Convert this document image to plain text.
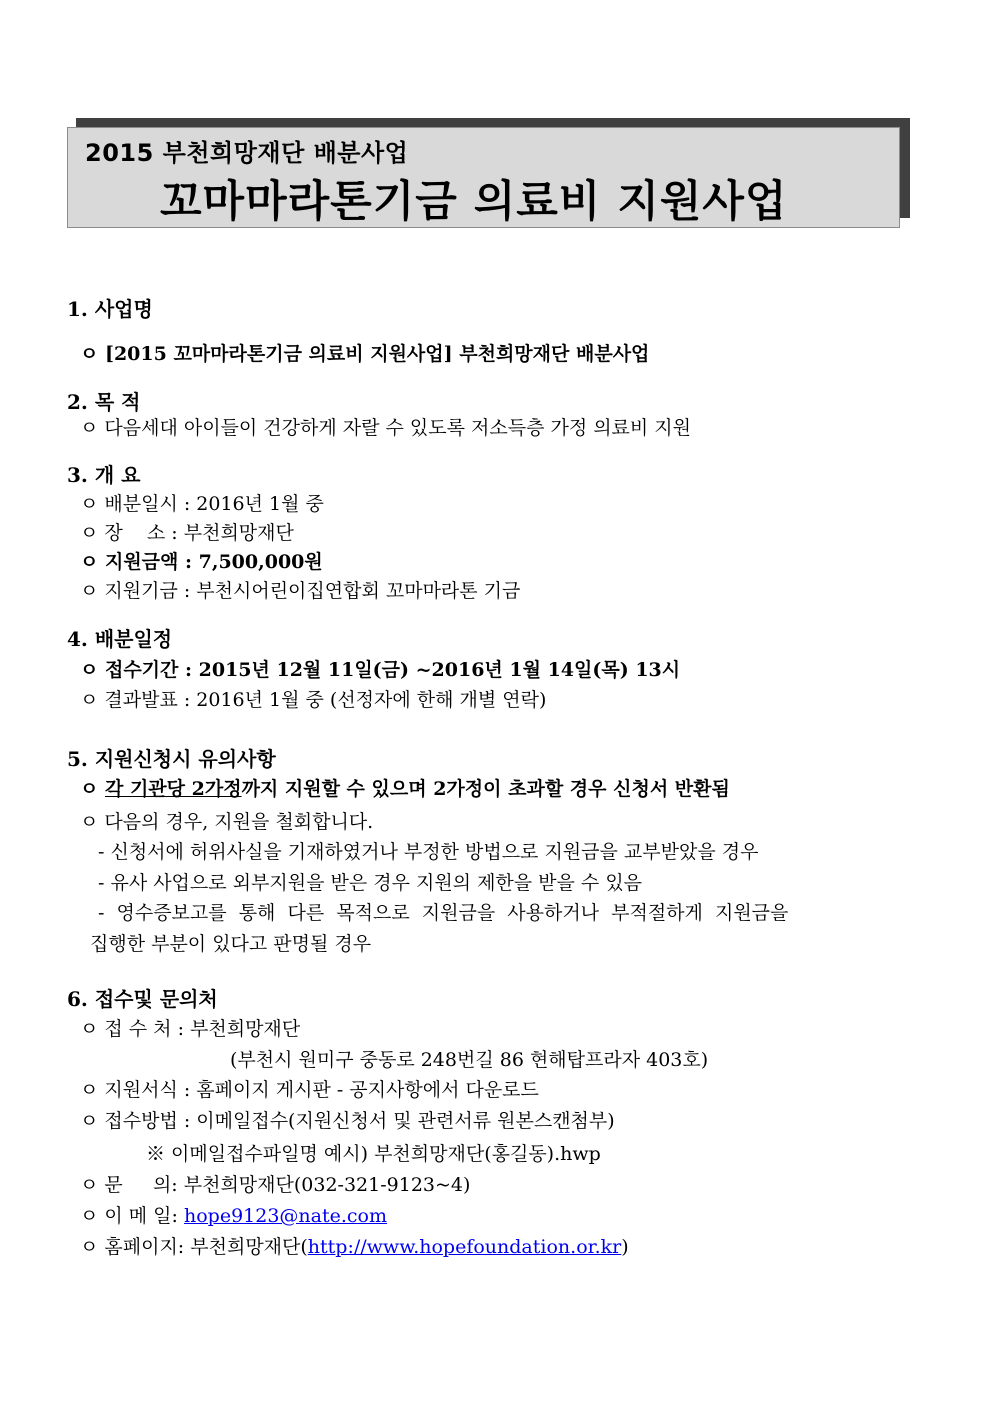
2015 부천희망재단 배분사업
꼬마마라톤기금 의료비 지원사업
1. 사업명
ㅇ [2015 꼬마마라톤기금 의료비 지원사업] 부천희망재단 배분사업
2. 목 적
ㅇ 다음세대 아이들이 건강하게 자랄 수 있도록 저소득층 가정 의료비 지원
3. 개 요
ㅇ 배분일시 : 2016년 1월 중
ㅇ 장    소 : 부천희망재단
ㅇ 지원금액 : 7,500,000원
ㅇ 지원기금 : 부천시어린이집연합회 꼬마마라톤 기금
4. 배분일정
ㅇ 접수기간 : 2015년 12월 11일(금) ~2016년 1월 14일(목) 13시
ㅇ 결과발표 : 2016년 1월 중 (선정자에 한해 개별 연락)
5. 지원신청시 유의사항
ㅇ 각 기관당 2가정까지 지원할 수 있으며 2가정이 초과할 경우 신청서 반환됨
ㅇ 다음의 경우, 지원을 철회합니다.
- 신청서에 허위사실을 기재하였거나 부정한 방법으로 지원금을 교부받았을 경우
- 유사 사업으로 외부지원을 받은 경우 지원의 제한을 받을 수 있음
-  영수증보고를  통해  다른  목적으로  지원금을  사용하거나  부적절하게  지원금을
집행한 부분이 있다고 판명될 경우
6. 접수및 문의처
ㅇ 접 수 처 : 부천희망재단
(부천시 원미구 중동로 248번길 86 현해탑프라자 403호)
ㅇ 지원서식 : 홈페이지 게시판 - 공지사항에서 다운로드
ㅇ 접수방법 : 이메일접수(지원신청서 및 관련서류 원본스캔첨부)
※ 이메일접수파일명 예시) 부천희망재단(홍길동).hwp
ㅇ 문     의: 부천희망재단(032-321-9123~4)
ㅇ 이 메 일: hope9123@nate.com
ㅇ 홈페이지: 부천희망재단(http://www.hopefoundation.or.kr)
